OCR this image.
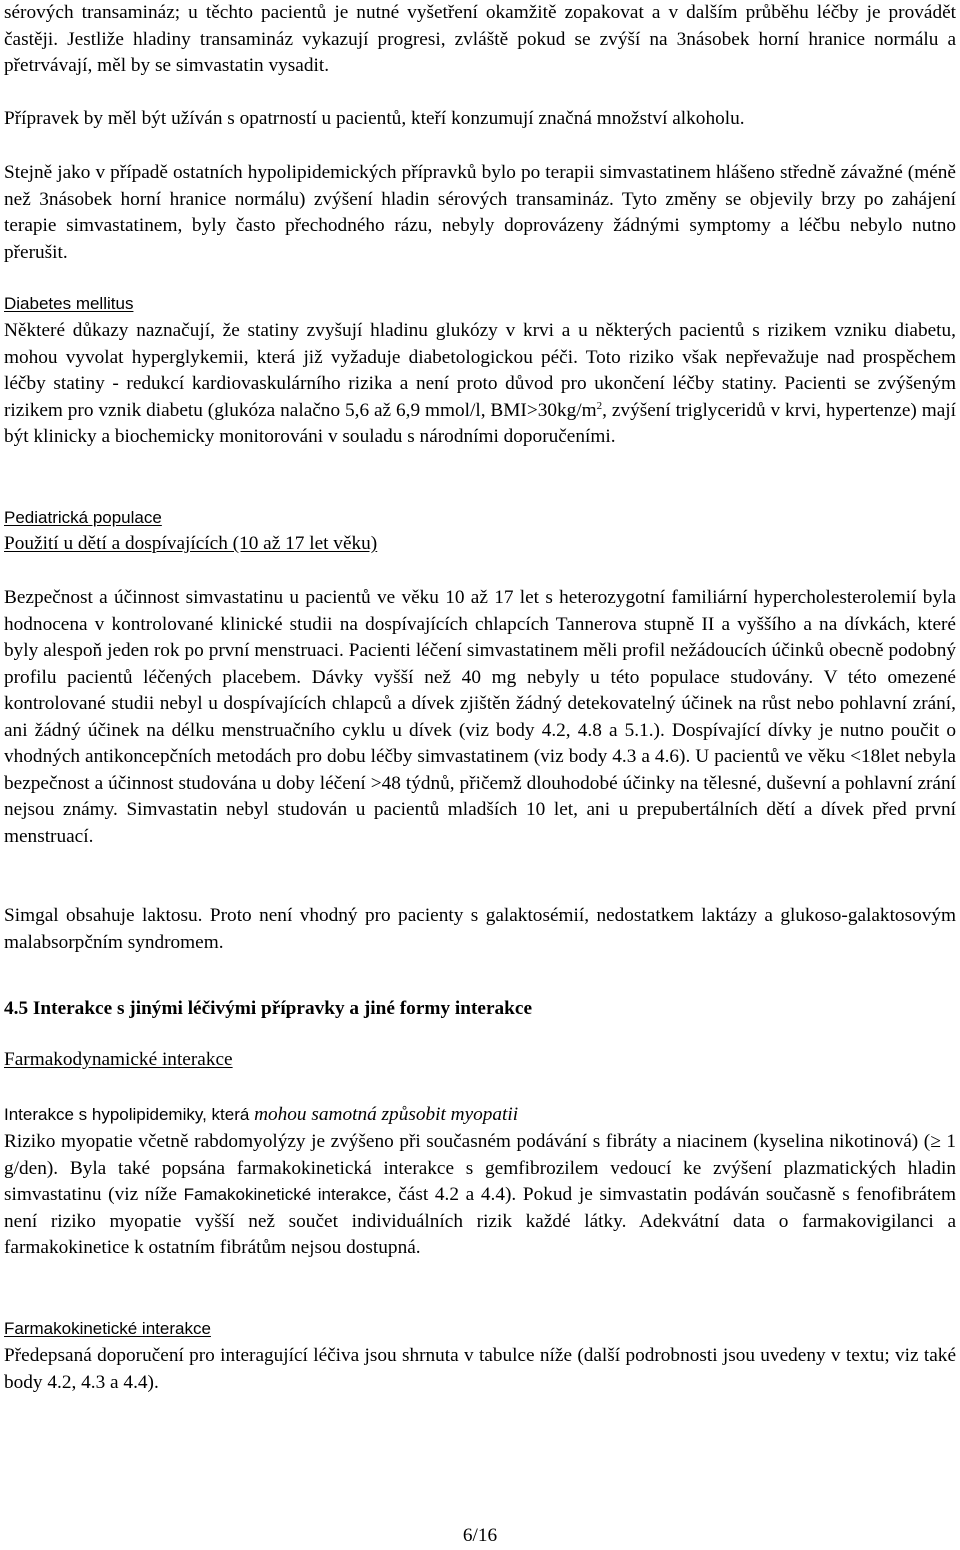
sérových transamináz; u těchto pacientů je nutné vyšetření okamžitě zopakovat a v dalším průběhu léčby je provádět častěji. Jestliže hladiny transamináz vykazují progresi, zvláště pokud se zvýší na 3násobek horní hranice normálu a přetrvávají, měl by se simvastatin vysadit.

Přípravek by měl být užíván s opatrností u pacientů, kteří konzumují značná množství alkoholu.

Stejně jako v případě ostatních hypolipidemických přípravků bylo po terapii simvastatinem hlášeno středně závažné (méně než 3násobek horní hranice normálu) zvýšení hladin sérových transamináz. Tyto změny se objevily brzy po zahájení terapie simvastatinem, byly často přechodného rázu, nebyly doprovázeny žádnými symptomy a léčbu nebylo nutno přerušit.

Diabetes mellitus

Některé důkazy naznačují, že statiny zvyšují hladinu glukózy v krvi a u některých pacientů s rizikem vzniku diabetu, mohou vyvolat hyperglykemii, která již vyžaduje diabetologickou péči. Toto riziko však nepřevažuje nad prospěchem léčby statiny - redukcí kardiovaskulárního rizika a není proto důvod pro ukončení léčby statiny. Pacienti se zvýšeným rizikem pro vznik diabetu (glukóza nalačno 5,6 až 6,9 mmol/l, $BMI>30kg/m^2$, zvýšení triglyceridů v krvi, hypertenze) mají být klinicky a biochemicky monitorováni v souladu s národními doporučeními.

Pediatrická populace
Použití u dětí a dospívajících (10 až 17 let věku)

Bezpečnost a účinnost simvastatinu u pacientů ve věku 10 až 17 let s heterozygotní familiární hypercholesterolemií byla hodnocena v kontrolované klinické studii na dospívajících chlapcích Tannerova stupně II a vyššího a na dívkách, které byly alespoň jeden rok po první menstruaci. Pacienti léčení simvastatinem měli profil nežádoucích účinků obecně podobný profilu pacientů léčených placebem. Dávky vyšší než 40 mg nebyly u této populace studovány. V této omezené kontrolované studii nebyl u dospívajících chlapců a dívek zjištěn žádný detekovatelný účinek na růst nebo pohlavní zrání, ani žádný účinek na délku menstruačního cyklu u dívek (viz body 4.2, 4.8 a 5.1.). Dospívající dívky je nutno poučit o vhodných antikoncepčních metodách pro dobu léčby simvastatinem (viz body 4.3 a 4.6). U pacientů ve věku <18let nebyla bezpečnost a účinnost studována u doby léčení >48 týdnů, přičemž dlouhodobé účinky na tělesné, duševní a pohlavní zrání nejsou známy. Simvastatin nebyl studován u pacientů mladších 10 let, ani u prepubertálních dětí a dívek před první menstruací.

Simgal obsahuje laktosu. Proto není vhodný pro pacienty s galaktosémií, nedostatkem laktázy a glukoso-galaktosovým malabsorpčním syndromem.

4.5 Interakce s jinými léčivými přípravky a jiné formy interakce
Farmakodynamické interakce
Interakce s hypolipidemiky, která mohou samotná způsobit myopatii

Riziko myopatie včetně rabdomyolýzy je zvýšeno při současném podávání s fibráty a niacinem (kyselina nikotinová) (≥ 1 g/den). Byla také popsána farmakokinetická interakce s gemfibrozilem vedoucí ke zvýšení plazmatických hladin simvastatinu (viz níže Famakokinetické interakce, část 4.2 a 4.4). Pokud je simvastatin podáván současně s fenofibrátem není riziko myopatie vyšší než součet individuálních rizik každé látky. Adekvátní data o farmakovigilanci a farmakokinetice k ostatním fibrátům nejsou dostupná.

Farmakokinetické interakce

Předepsaná doporučení pro interagující léčiva jsou shrnuta v tabulce níže (další podrobnosti jsou uvedeny v textu; viz také body 4.2, 4.3 a 4.4).

6/16
